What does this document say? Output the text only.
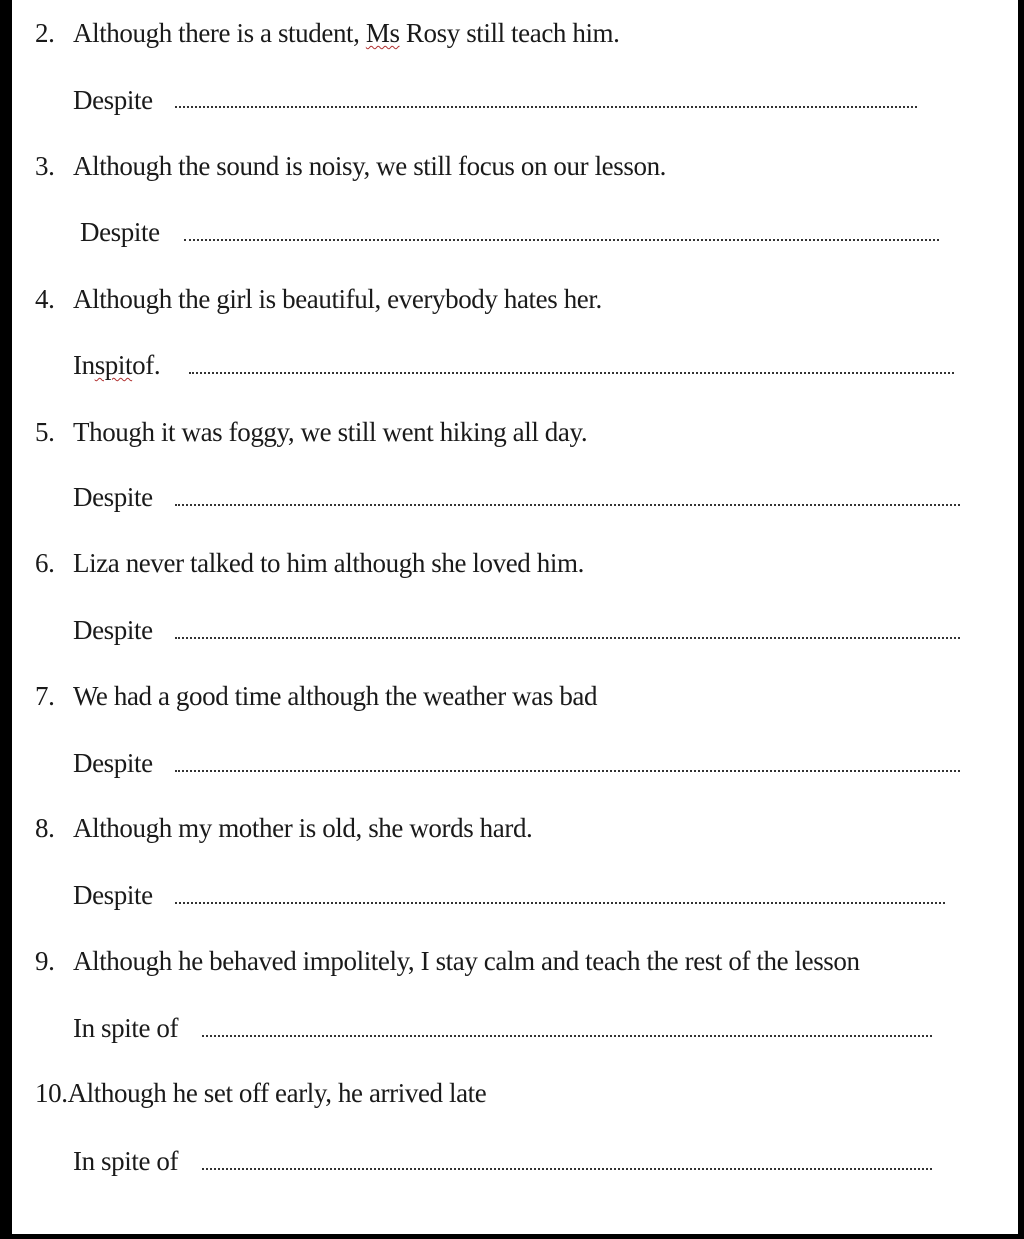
2. Although there is a student, Ms Rosy still teach him.
Despite
3. Although the sound is noisy, we still focus on our lesson.
Despite
4. Although the girl is beautiful, everybody hates her.
In spit of.
5. Though it was foggy, we still went hiking all day.
Despite
6. Liza never talked to him although she loved him.
Despite
7. We had a good time although the weather was bad
Despite
8. Although my mother is old, she words hard.
Despite
9. Although he behaved impolitely, I stay calm and teach the rest of the lesson
In spite of
10.Although he set off early, he arrived late
In spite of
